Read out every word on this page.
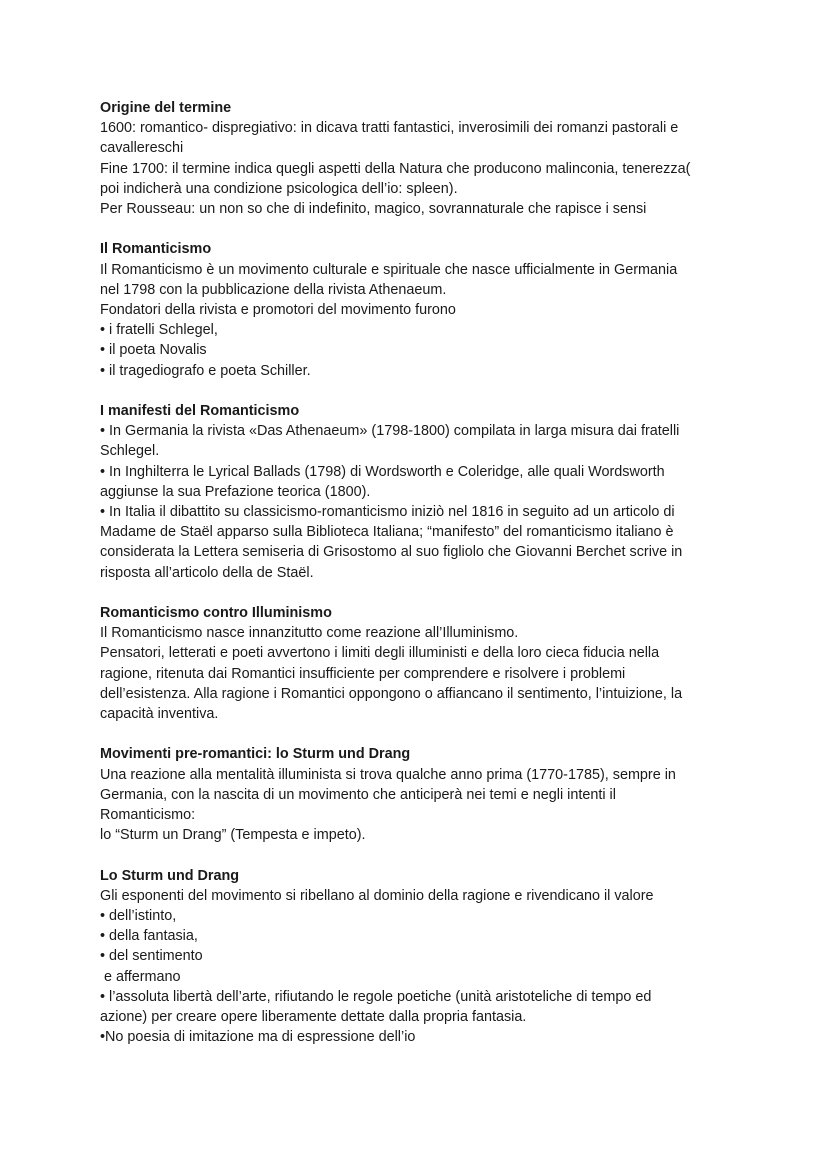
Origine del termine

1600: romantico- dispregiativo: in dicava tratti fantastici, inverosimili dei romanzi pastorali e

cavallereschi

Fine 1700: il termine indica quegli aspetti della Natura che producono malinconia, tenerezza(

poi indicherà una condizione psicologica dell’io: spleen).

Per Rousseau: un non so che di indefinito, magico, sovrannaturale che rapisce i sensi

Il Romanticismo

Il Romanticismo è un movimento culturale e spirituale che nasce ufficialmente in Germania

nel 1798 con la pubblicazione della rivista Athenaeum.

Fondatori della rivista e promotori del movimento furono

• i fratelli Schlegel,

• il poeta Novalis

• il tragediografo e poeta Schiller.

I manifesti del Romanticismo

• In Germania la rivista «Das Athenaeum» (1798-1800) compilata in larga misura dai fratelli

Schlegel.

• In Inghilterra le Lyrical Ballads (1798) di Wordsworth e Coleridge, alle quali Wordsworth

aggiunse la sua Prefazione teorica (1800).

• In Italia il dibattito su classicismo-romanticismo iniziò nel 1816 in seguito ad un articolo di

Madame de Staël apparso sulla Biblioteca Italiana; “manifesto” del romanticismo italiano è

considerata la Lettera semiseria di Grisostomo al suo figliolo che Giovanni Berchet scrive in

risposta all’articolo della de Staël.

Romanticismo contro Illuminismo

Il Romanticismo nasce innanzitutto come reazione all’Illuminismo.

Pensatori, letterati e poeti avvertono i limiti degli illuministi e della loro cieca fiducia nella

ragione, ritenuta dai Romantici insufficiente per comprendere e risolvere i problemi

dell’esistenza. Alla ragione i Romantici oppongono o affiancano il sentimento, l’intuizione, la

capacità inventiva.

Movimenti pre-romantici: lo Sturm und Drang

Una reazione alla mentalità illuminista si trova qualche anno prima (1770-1785), sempre in

Germania, con la nascita di un movimento che anticiperà nei temi e negli intenti il

Romanticismo:

lo “Sturm un Drang” (Tempesta e impeto).

Lo Sturm und Drang

Gli esponenti del movimento si ribellano al dominio della ragione e rivendicano il valore

• dell’istinto,

• della fantasia,

• del sentimento

e affermano

• l’assoluta libertà dell’arte, rifiutando le regole poetiche (unità aristoteliche di tempo ed

azione) per creare opere liberamente dettate dalla propria fantasia.

•No poesia di imitazione ma di espressione dell’io
